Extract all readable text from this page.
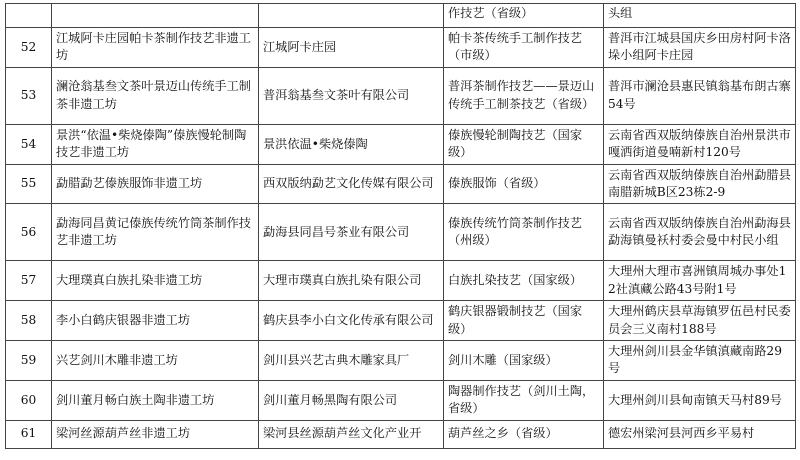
			作技艺（省级）	头组
52	江城阿卡庄园帕卡茶制作技艺非遗工坊	江城阿卡庄园	帕卡茶传统手工制作技艺（市级）	普洱市江城县国庆乡田房村阿卡洛垛小组阿卡庄园
53	澜沧翁基叁文茶叶景迈山传统手工制茶非遗工坊	普洱翁基叁文茶叶有限公司	普洱茶制作技艺——景迈山传统手工制茶技艺（省级）	普洱市澜沧县惠民镇翁基布朗古寨54号
54	景洪“依温•柴烧傣陶”傣族慢轮制陶技艺非遗工坊	景洪依温•柴烧傣陶	傣族慢轮制陶技艺（国家级）	云南省西双版纳傣族自治州景洪市嘎洒街道曼喃新村120号
55	勐腊勐艺傣族服饰非遗工坊	西双版纳勐艺文化传媒有限公司	傣族服饰（省级）	云南省西双版纳傣族自治州勐腊县南腊新城B区23栋2-9
56	勐海同昌黄记傣族传统竹筒茶制作技艺非遗工坊	勐海县同昌号茶业有限公司	傣族传统竹筒茶制作技艺（州级）	云南省西双版纳傣族自治州勐海县勐海镇曼袄村委会曼中村民小组
57	大理璞真白族扎染非遗工坊	大理市璞真白族扎染有限公司	白族扎染技艺（国家级）	大理州大理市喜洲镇周城办事处12社滇藏公路43号附1号
58	李小白鹤庆银器非遗工坊	鹤庆县李小白文化传承有限公司	鹤庆银器锻制技艺（国家级）	大理州鹤庆县草海镇罗伍邑村民委员会三义南村188号
59	兴艺剑川木雕非遗工坊	剑川县兴艺古典木雕家具厂	剑川木雕（国家级）	大理州剑川县金华镇滇藏南路29号
60	剑川董月畅白族土陶非遗工坊	剑川董月畅黑陶有限公司	陶器制作技艺（剑川土陶，省级）	大理州剑川县甸南镇天马村89号
61	梁河丝源葫芦丝非遗工坊	梁河县丝源葫芦丝文化产业开	葫芦丝之乡（省级）	德宏州梁河县河西乡平易村
